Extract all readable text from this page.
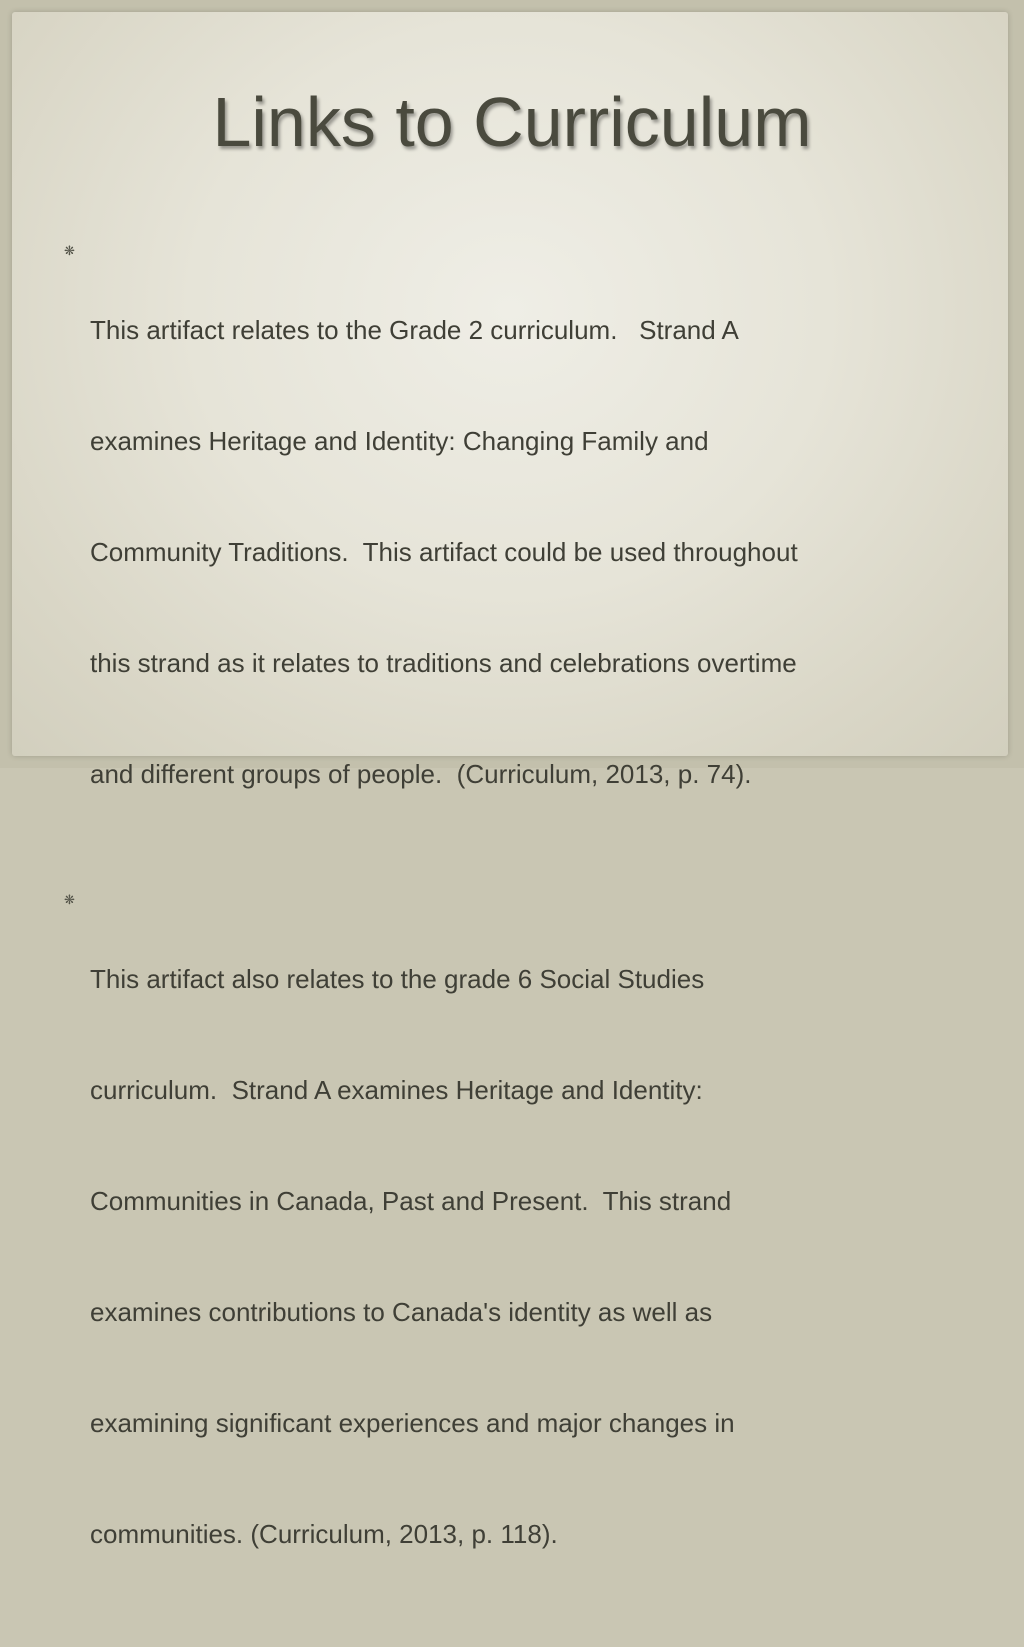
Links to Curriculum
❋

This artifact relates to the Grade 2 curriculum.   Strand A

examines Heritage and Identity: Changing Family and

Community Traditions.  This artifact could be used throughout

this strand as it relates to traditions and celebrations overtime

and different groups of people.  (Curriculum, 2013, p. 74).

❋

This artifact also relates to the grade 6 Social Studies

curriculum.  Strand A examines Heritage and Identity:

Communities in Canada, Past and Present.  This strand

examines contributions to Canada's identity as well as

examining significant experiences and major changes in

communities. (Curriculum, 2013, p. 118).
